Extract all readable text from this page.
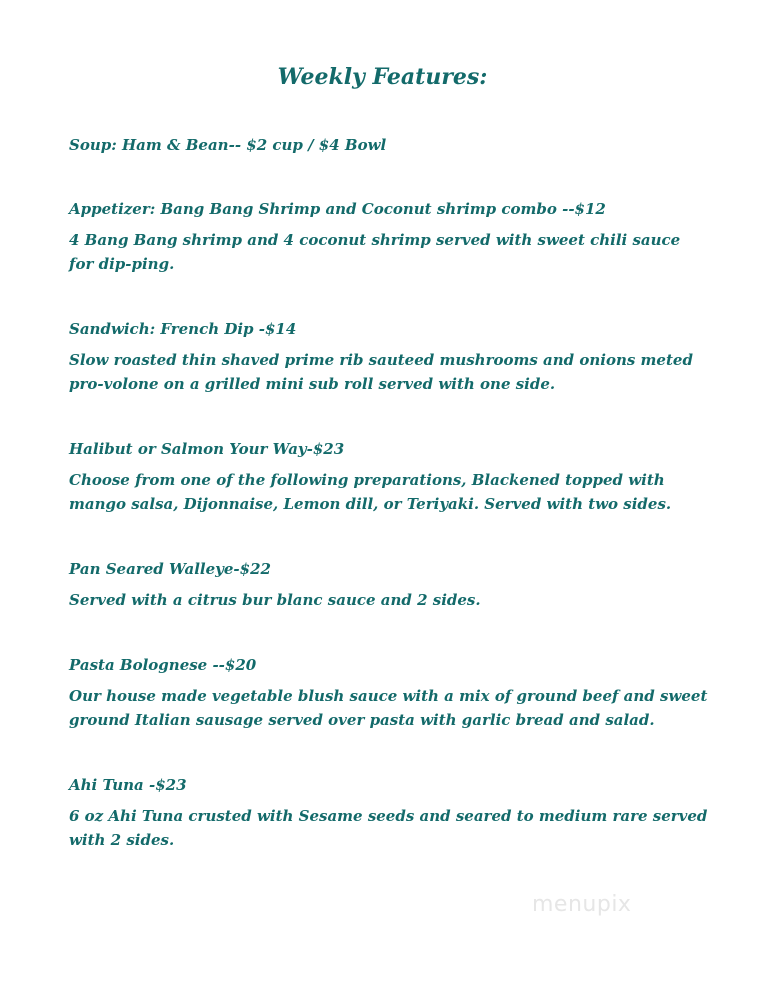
Weekly Features:
Soup: Ham & Bean-- $2 cup / $4 Bowl
Appetizer: Bang Bang Shrimp and Coconut shrimp combo --$12
4 Bang Bang shrimp and 4 coconut shrimp served with sweet chili sauce for dip-ping.
Sandwich: French Dip -$14
Slow roasted thin shaved prime rib sauteed mushrooms and onions meted pro-volone on a grilled mini sub roll served with one side.
Halibut or Salmon Your Way-$23
Choose from one of the following preparations, Blackened topped with mango salsa, Dijonnaise, Lemon dill, or Teriyaki. Served with two sides.
Pan Seared Walleye-$22
Served with a citrus bur blanc sauce and 2 sides.
Pasta Bolognese --$20
Our house made vegetable blush sauce with a mix of ground beef and sweet ground Italian sausage served over pasta with garlic bread and salad.
Ahi Tuna -$23
6 oz Ahi Tuna crusted with Sesame seeds and seared to medium rare served with 2 sides.
menupix
